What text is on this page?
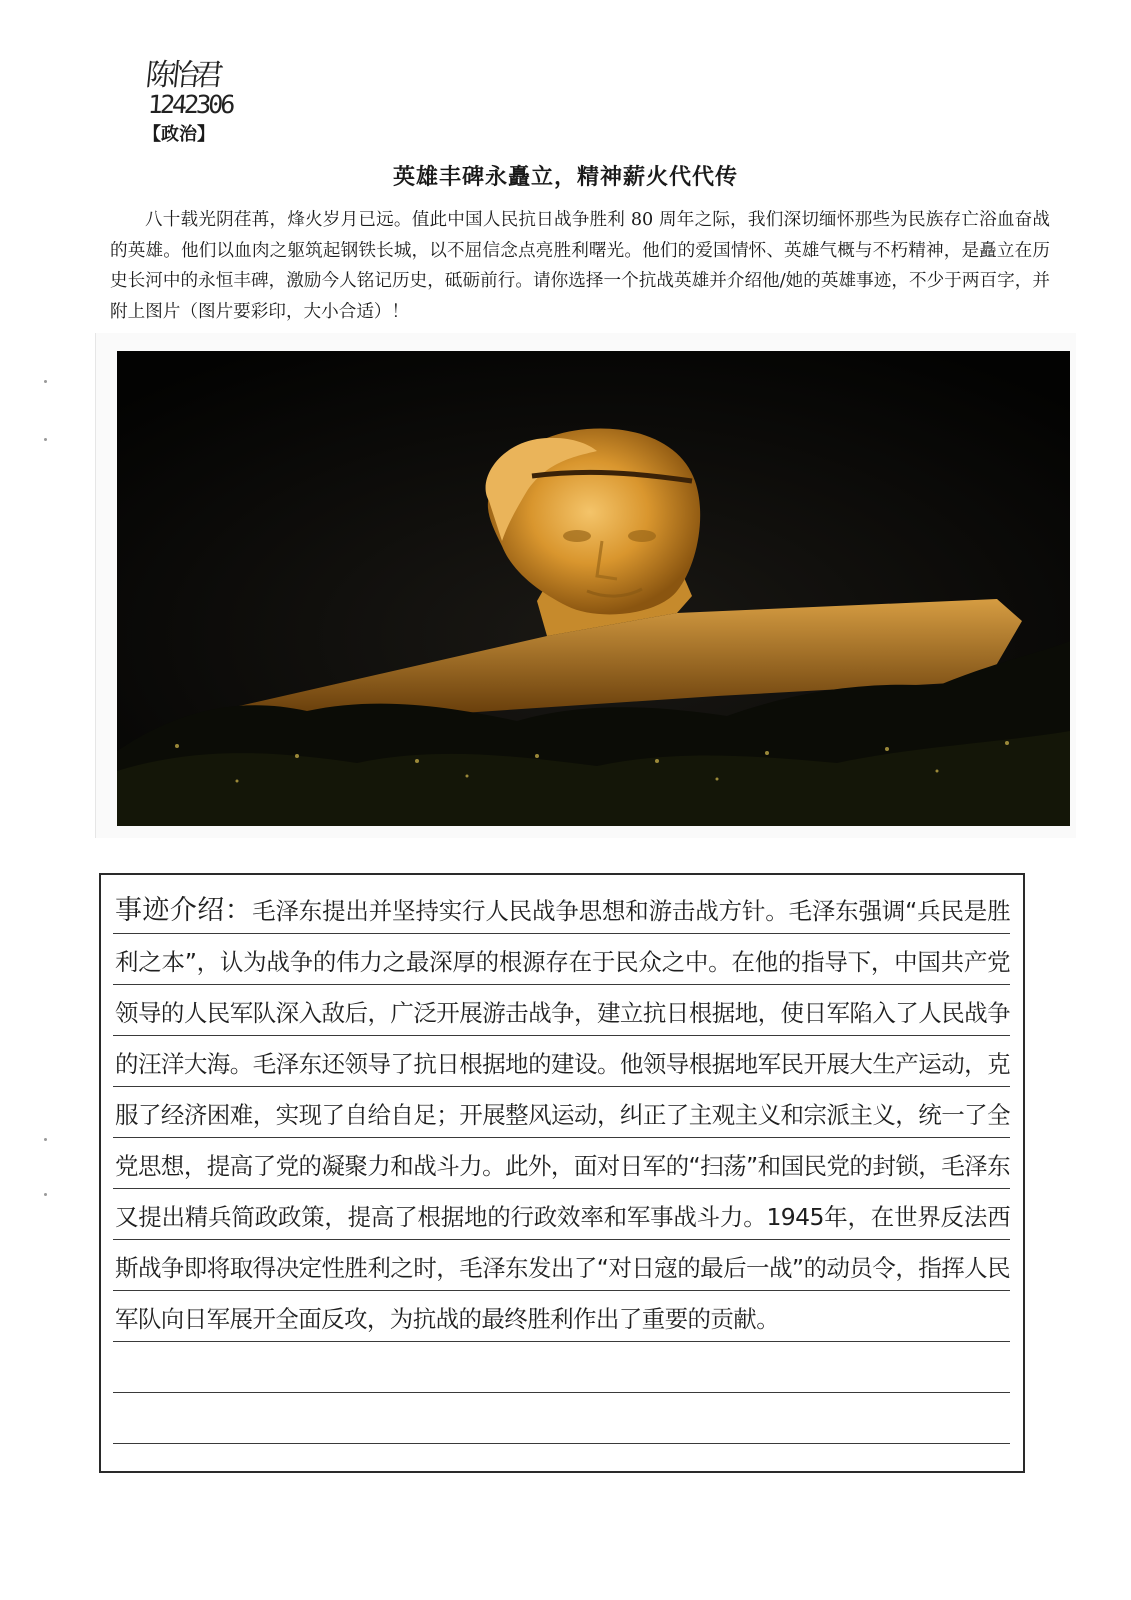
陈怡君
1242306
【政治】
英雄丰碑永矗立，精神薪火代代传
八十载光阴荏苒，烽火岁月已远。值此中国人民抗日战争胜利 80 周年之际，我们深切缅怀那些为民族存亡浴血奋战的英雄。他们以血肉之躯筑起钢铁长城，以不屈信念点亮胜利曙光。他们的爱国情怀、英雄气概与不朽精神，是矗立在历史长河中的永恒丰碑，激励今人铭记历史，砥砺前行。请你选择一个抗战英雄并介绍他/她的英雄事迹，不少于两百字，并附上图片（图片要彩印，大小合适）！
事迹介绍：毛泽东提出并坚持实行人民战争思想和游击战方针。毛泽东强调“兵民是胜利之本”，认为战争的伟力之最深厚的根源存在于民众之中。在他的指导下，中国共产党领导的人民军队深入敌后，广泛开展游击战争，建立抗日根据地，使日军陷入了人民战争的汪洋大海。毛泽东还领导了抗日根据地的建设。他领导根据地军民开展大生产运动，克服了经济困难，实现了自给自足；开展整风运动，纠正了主观主义和宗派主义，统一了全党思想，提高了党的凝聚力和战斗力。此外，面对日军的“扫荡”和国民党的封锁，毛泽东又提出精兵简政政策，提高了根据地的行政效率和军事战斗力。1945年，在世界反法西斯战争即将取得决定性胜利之时，毛泽东发出了“对日寇的最后一战”的动员令，指挥人民军队向日军展开全面反攻，为抗战的最终胜利作出了重要的贡献。
